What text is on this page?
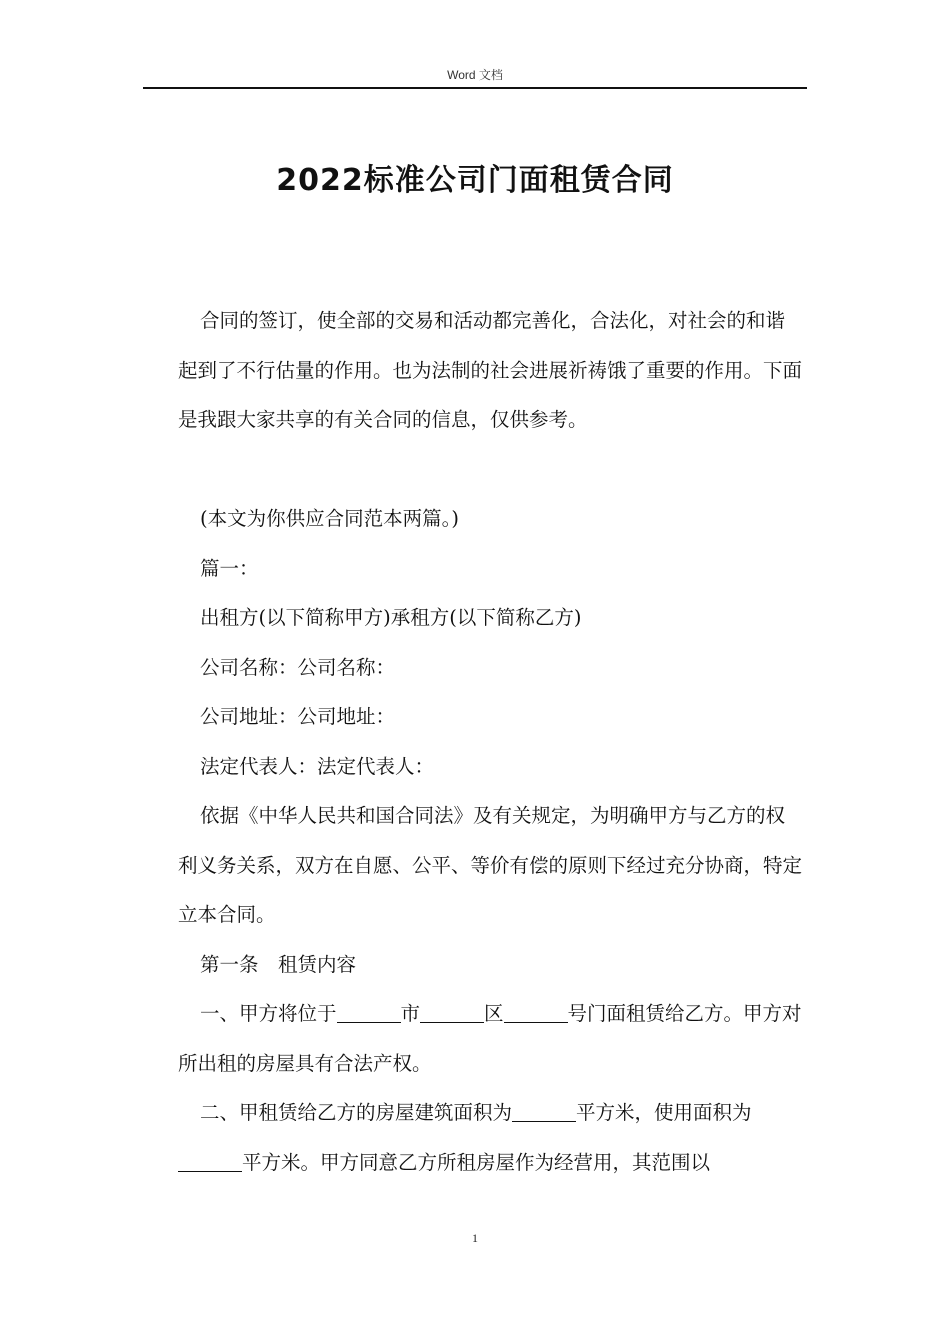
Word 文档
2022标准公司门面租赁合同

合同的签订，使全部的交易和活动都完善化，合法化，对社会的和谐起到了不行估量的作用。也为法制的社会进展祈祷饿了重要的作用。下面是我跟大家共享的有关合同的信息，仅供参考。

(本文为你供应合同范本两篇。)

篇一：

出租方(以下简称甲方)承租方(以下简称乙方)

公司名称：公司名称：

公司地址：公司地址：

法定代表人：法定代表人：

依据《中华人民共和国合同法》及有关规定，为明确甲方与乙方的权利义务关系，双方在自愿、公平、等价有偿的原则下经过充分协商，特定立本合同。

第一条　租赁内容

一、甲方将位于	市	区	号门面租赁给乙方。甲方对所出租的房屋具有合法产权。

二、甲租赁给乙方的房屋建筑面积为	平方米，使用面积为平方米。甲方同意乙方所租房屋作为经营用，其范围以

1
